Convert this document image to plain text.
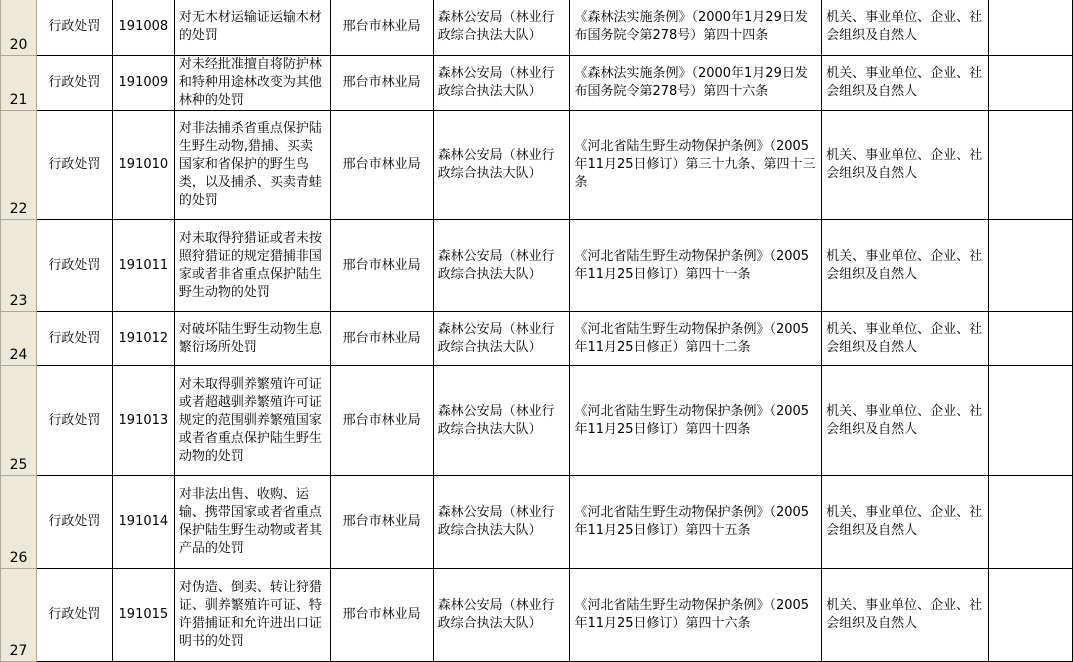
20	行政处罚	191008	对无木材运输证运输木材的处罚	邢台市林业局	森林公安局（林业行政综合执法大队）	《森林法实施条例》（2000年1月29日发布国务院令第278号）第四十四条	机关、事业单位、企业、社会组织及自然人	
21	行政处罚	191009	对未经批准擅自将防护林和特种用途林改变为其他林种的处罚	邢台市林业局	森林公安局（林业行政综合执法大队）	《森林法实施条例》（2000年1月29日发布国务院令第278号）第四十六条	机关、事业单位、企业、社会组织及自然人	
22	行政处罚	191010	对非法捕杀省重点保护陆生野生动物,猎捕、买卖国家和省保护的野生鸟类，以及捕杀、买卖青蛙的处罚	邢台市林业局	森林公安局（林业行政综合执法大队）	《河北省陆生野生动物保护条例》（2005年11月25日修订）第三十九条、第四十三条	机关、事业单位、企业、社会组织及自然人	
23	行政处罚	191011	对未取得狩猎证或者未按照狩猎证的规定猎捕非国家或者非省重点保护陆生野生动物的处罚	邢台市林业局	森林公安局（林业行政综合执法大队）	《河北省陆生野生动物保护条例》（2005年11月25日修订）第四十一条	机关、事业单位、企业、社会组织及自然人	
24	行政处罚	191012	对破坏陆生野生动物生息繁衍场所处罚	邢台市林业局	森林公安局（林业行政综合执法大队）	《河北省陆生野生动物保护条例》（2005年11月25日修正）第四十二条	机关、事业单位、企业、社会组织及自然人	
25	行政处罚	191013	对未取得驯养繁殖许可证或者超越驯养繁殖许可证规定的范围驯养繁殖国家或者省重点保护陆生野生动物的处罚	邢台市林业局	森林公安局（林业行政综合执法大队）	《河北省陆生野生动物保护条例》（2005年11月25日修订）第四十四条	机关、事业单位、企业、社会组织及自然人	
26	行政处罚	191014	对非法出售、收购、运输、携带国家或者省重点保护陆生野生动物或者其产品的处罚	邢台市林业局	森林公安局（林业行政综合执法大队）	《河北省陆生野生动物保护条例》（2005年11月25日修订）第四十五条	机关、事业单位、企业、社会组织及自然人	
27	行政处罚	191015	对伪造、倒卖、转让狩猎证、驯养繁殖许可证、特许猎捕证和允许进出口证明书的处罚	邢台市林业局	森林公安局（林业行政综合执法大队）	《河北省陆生野生动物保护条例》（2005年11月25日修订）第四十六条	机关、事业单位、企业、社会组织及自然人	
